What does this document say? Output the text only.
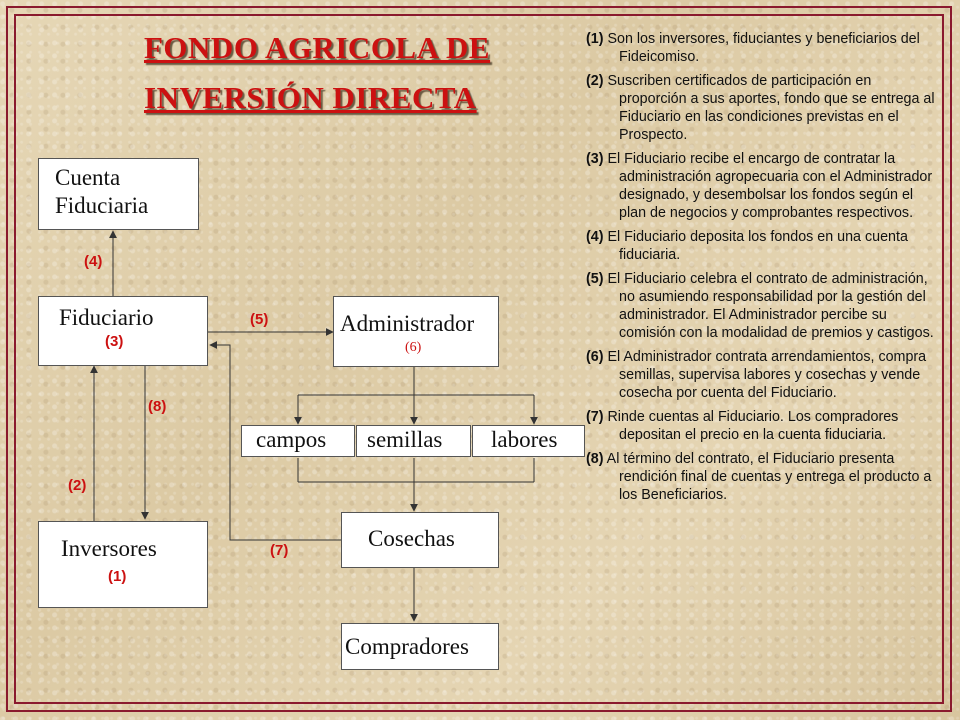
FONDO AGRICOLA DE
INVERSIÓN DIRECTA
Cuenta
Fiduciaria
Fiduciario
(3)
Administrador
(6)
campos semillas labores
Inversores
(1)
Cosechas
Compradores
(4)
(5)
(8)
(2)
(7)
(1) Son los inversores, fiduciantes y beneficiarios del Fideicomiso.
(2) Suscriben certificados de participación en proporción a sus aportes, fondo que se entrega al Fiduciario en las condiciones previstas en el Prospecto.
(3) El Fiduciario recibe el encargo de contratar la administración agropecuaria con el Administrador designado, y desembolsar los fondos según el plan de negocios y comprobantes respectivos.
(4) El Fiduciario deposita los fondos en una cuenta fiduciaria.
(5) El Fiduciario celebra el contrato de administración, no asumiendo responsabilidad por la gestión del administrador. El Administrador percibe su comisión con la modalidad de premios y castigos.
(6) El Administrador contrata arrendamientos, compra semillas, supervisa labores y cosechas y vende cosecha por cuenta del Fiduciario.
(7) Rinde cuentas al Fiduciario. Los compradores depositan el precio en la cuenta fiduciaria.
(8) Al término del contrato, el Fiduciario presenta rendición final de cuentas y entrega el producto a los Beneficiarios.
